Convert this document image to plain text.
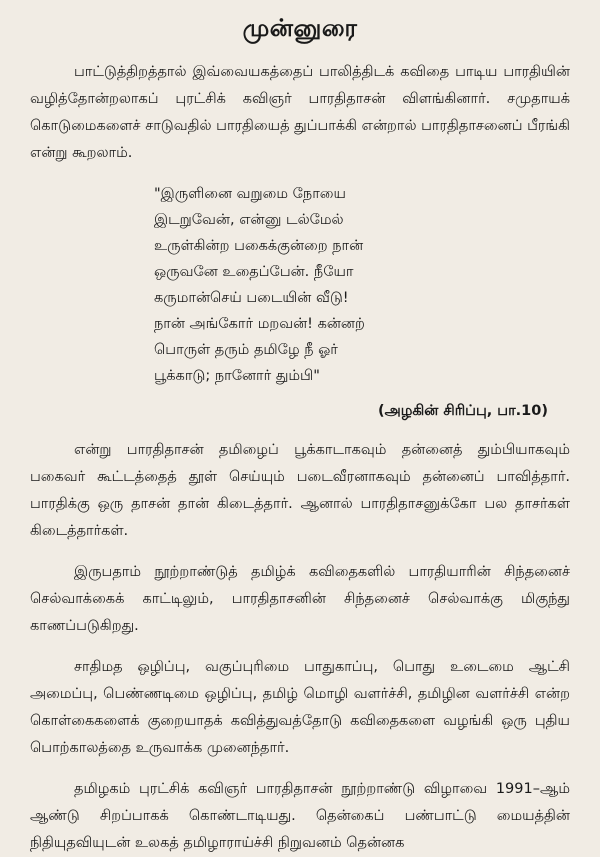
முன்னுரை

பாட்டுத்திறத்தால் இவ்வையகத்தைப் பாலித்திடக் கவிதை பாடிய பாரதியின் வழித்தோன்றலாகப் புரட்சிக் கவிஞர் பாரதிதாசன் விளங்கினார். சமுதாயக் கொடுமைகளைச் சாடுவதில் பாரதியைத் துப்பாக்கி என்றால் பாரதிதாசனைப் பீரங்கி என்று கூறலாம்.

"இருளினை வறுமை நோயை
இடறுவேன், என்னு டல்மேல்
உருள்கின்ற பகைக்குன்றை நான்
ஒருவனே உதைப்பேன். நீயோ
கருமான்செய் படையின் வீடு!
நான் அங்கோர் மறவன்! கன்னற்
பொருள் தரும் தமிழே நீ ஓர்
பூக்காடு; நானோர் தும்பி"
(அழகின் சிரிப்பு, பா.10)

என்று பாரதிதாசன் தமிழைப் பூக்காடாகவும் தன்னைத் தும்பியாகவும் பகைவர் கூட்டத்தைத் தூள் செய்யும் படைவீரனாகவும் தன்னைப் பாவித்தார். பாரதிக்கு ஒரு தாசன் தான் கிடைத்தார். ஆனால் பாரதிதாசனுக்கோ பல தாசர்கள் கிடைத்தார்கள்.

இருபதாம் நூற்றாண்டுத் தமிழ்க் கவிதைகளில் பாரதியாரின் சிந்தனைச் செல்வாக்கைக் காட்டிலும், பாரதிதாசனின் சிந்தனைச் செல்வாக்கு மிகுந்து காணப்படுகிறது.

சாதிமத ஒழிப்பு, வகுப்புரிமை பாதுகாப்பு, பொது உடைமை ஆட்சி அமைப்பு, பெண்ணடிமை ஒழிப்பு, தமிழ் மொழி வளர்ச்சி, தமிழின வளர்ச்சி என்ற கொள்கைகளைக் குறையாதக் கவித்துவத்தோடு கவிதைகளை வழங்கி ஒரு புதிய பொற்காலத்தை உருவாக்க முனைந்தார்.

தமிழகம் புரட்சிக் கவிஞர் பாரதிதாசன் நூற்றாண்டு விழாவை 1991–ஆம் ஆண்டு சிறப்பாகக் கொண்டாடியது. தென்கைப் பண்பாட்டு மையத்தின் நிதியுதவியுடன் உலகத் தமிழாராய்ச்சி நிறுவனம் தென்னக
